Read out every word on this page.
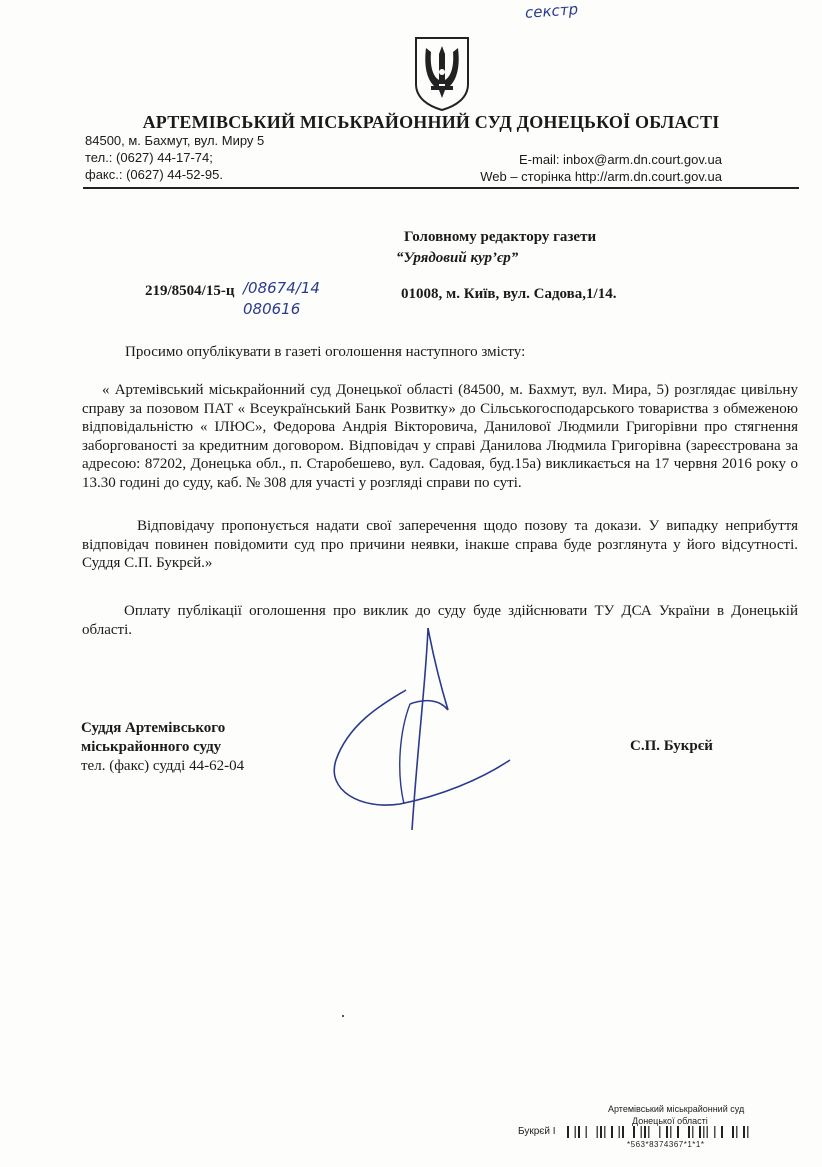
секстр
АРТЕМІВСЬКИЙ МІСЬКРАЙОННИЙ СУД ДОНЕЦЬКОЇ ОБЛАСТІ
84500, м. Бахмут, вул. Миру 5
тел.: (0627) 44-17-74;
факс.: (0627) 44-52-95.
E-mail: inbox@arm.dn.court.gov.ua
Web – сторінка http://arm.dn.court.gov.ua
Головному редактору газети
“Урядовий кур’єр”
219/8504/15-ц /08674/14
080616
01008, м. Київ, вул. Садова,1/14.
Просимо опублікувати в газеті оголошення наступного змісту:
« Артемівський міськрайонний суд Донецької області (84500, м. Бахмут, вул. Мира, 5) розглядає цивільну справу за позовом ПАТ « Всеукраїнський Банк Розвитку» до Сільськогосподарського товариства з обмеженою відповідальністю « ІЛЮС», Федорова Андрія Вікторовича, Данилової Людмили Григорівни про стягнення заборгованості за кредитним договором. Відповідач у справі Данилова Людмила Григорівна (зареєстрована за адресою: 87202, Донецька обл., п. Старобешево, вул. Садовая, буд.15а) викликається на 17 червня 2016 року о 13.30 годині до суду, каб. № 308 для участі у розгляді справи по суті.
Відповідачу пропонується надати свої заперечення щодо позову та докази. У випадку неприбуття відповідач повинен повідомити суд про причини неявки, інакше справа буде розглянута у його відсутності. Суддя С.П. Букрєй.»
Оплату публікації оголошення про виклик до суду буде здійснювати ТУ ДСА України в Донецькій області.
Суддя Артемівського
міськрайонного суду
тел. (факс) судді 44-62-04
С.П. Букрєй
Артемівський міськрайонний суд
Донецької області
Букрєй І
*563*8374367*1*1*
